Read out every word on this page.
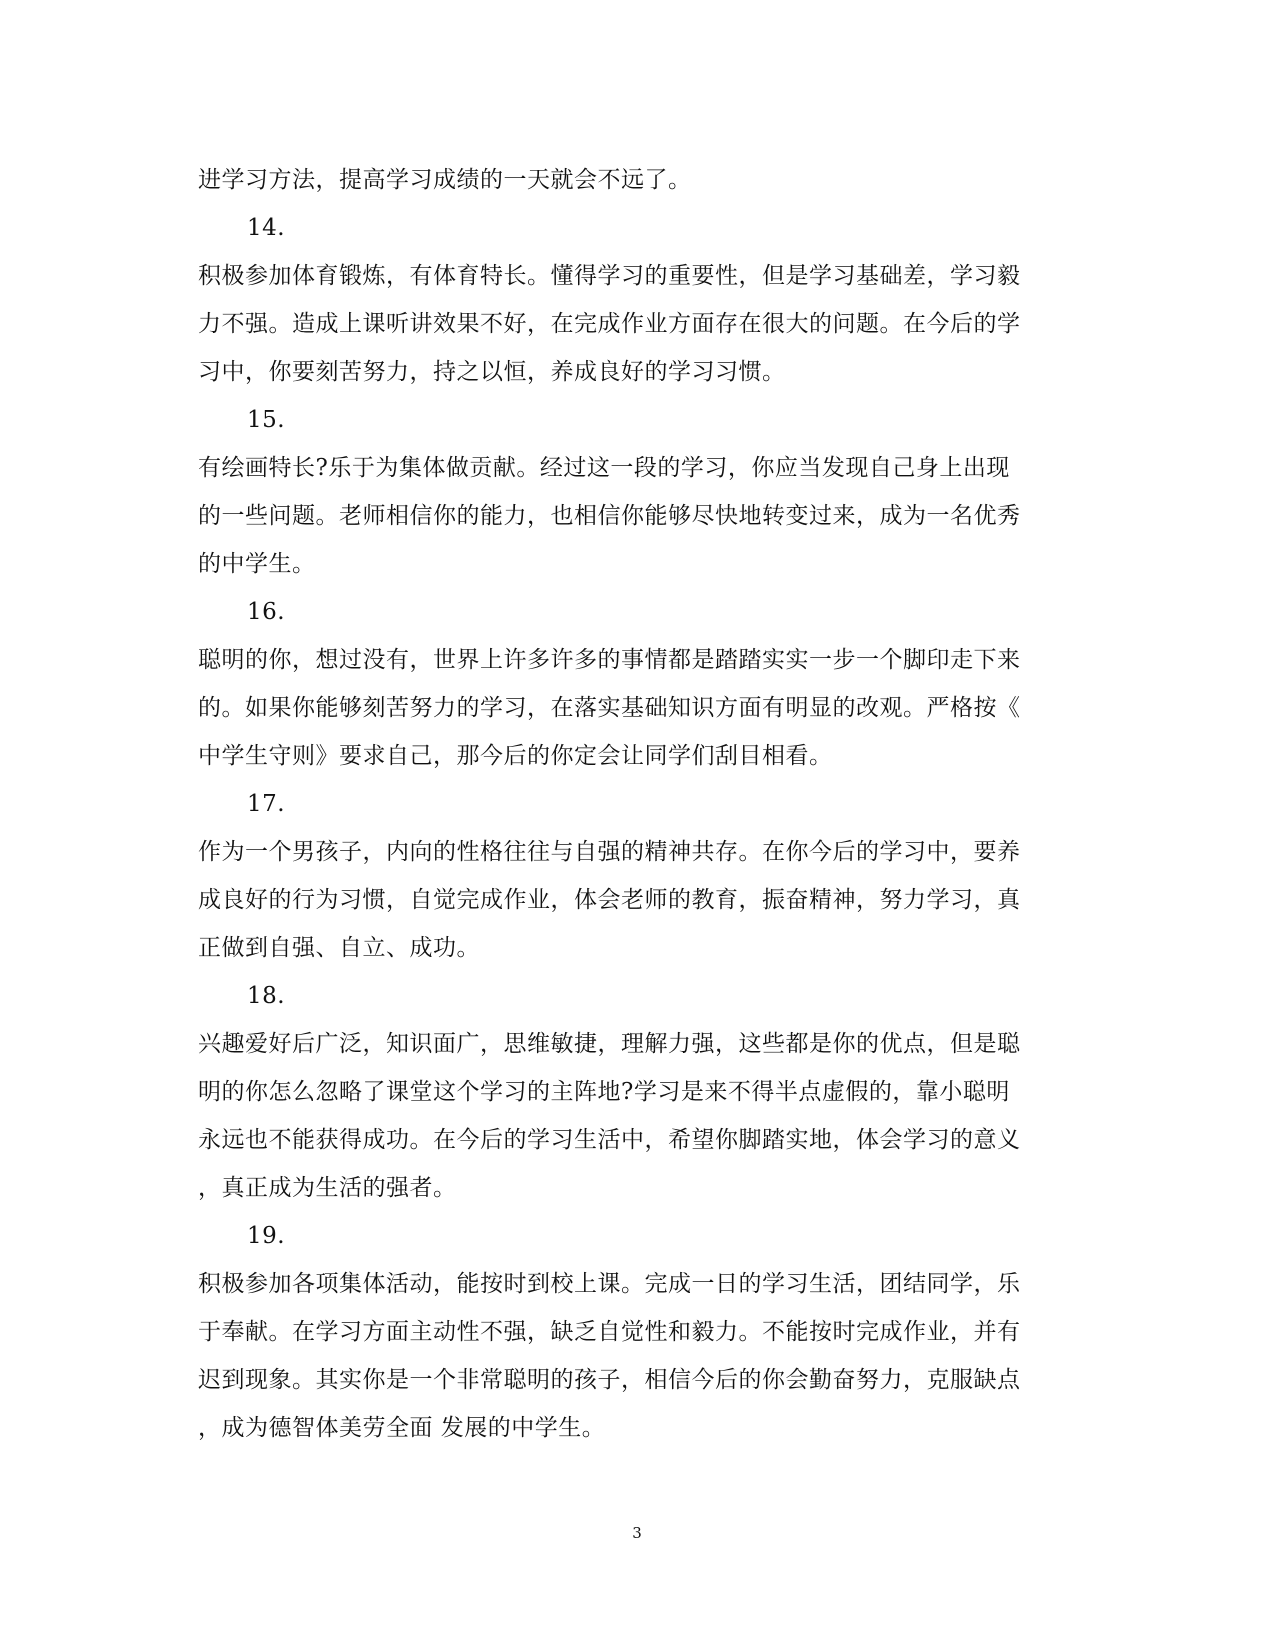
进学习方法，提高学习成绩的一天就会不远了。
14.
积极参加体育锻炼，有体育特长。懂得学习的重要性，但是学习基础差，学习毅
力不强。造成上课听讲效果不好，在完成作业方面存在很大的问题。在今后的学
习中，你要刻苦努力，持之以恒，养成良好的学习习惯。
15.
有绘画特长?乐于为集体做贡献。经过这一段的学习，你应当发现自己身上出现
的一些问题。老师相信你的能力，也相信你能够尽快地转变过来，成为一名优秀
的中学生。
16.
聪明的你，想过没有，世界上许多许多的事情都是踏踏实实一步一个脚印走下来
的。如果你能够刻苦努力的学习，在落实基础知识方面有明显的改观。严格按《
中学生守则》要求自己，那今后的你定会让同学们刮目相看。
17.
作为一个男孩子，内向的性格往往与自强的精神共存。在你今后的学习中，要养
成良好的行为习惯，自觉完成作业，体会老师的教育，振奋精神，努力学习，真
正做到自强、自立、成功。
18.
兴趣爱好后广泛，知识面广，思维敏捷，理解力强，这些都是你的优点，但是聪
明的你怎么忽略了课堂这个学习的主阵地?学习是来不得半点虚假的，靠小聪明
永远也不能获得成功。在今后的学习生活中，希望你脚踏实地，体会学习的意义
，真正成为生活的强者。
19.
积极参加各项集体活动，能按时到校上课。完成一日的学习生活，团结同学，乐
于奉献。在学习方面主动性不强，缺乏自觉性和毅力。不能按时完成作业，并有
迟到现象。其实你是一个非常聪明的孩子，相信今后的你会勤奋努力，克服缺点
，成为德智体美劳全面 发展的中学生。
3
